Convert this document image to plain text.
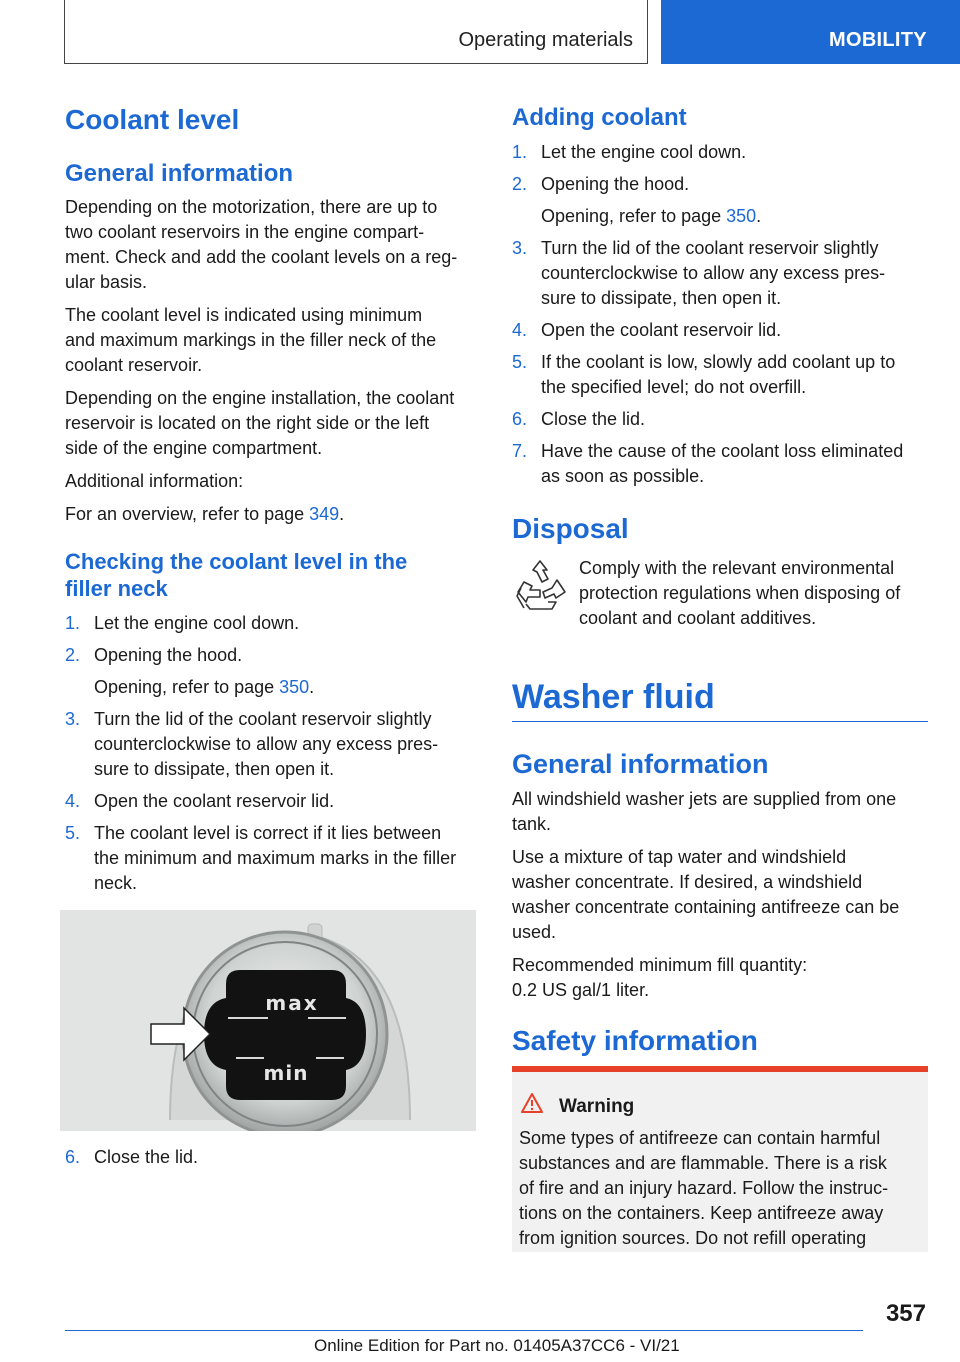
Operating materials	MOBILITY
Coolant level
General information

Depending on the motorization, there are up to
two coolant reservoirs in the engine compart-
ment. Check and add the coolant levels on a reg-
ular basis.

The coolant level is indicated using minimum
and maximum markings in the filler neck of the
coolant reservoir.

Depending on the engine installation, the coolant
reservoir is located on the right side or the left
side of the engine compartment.

Additional information:

For an overview, refer to page 349.

Checking the coolant level in the
filler neck
1. Let the engine cool down.
2. Opening the hood.
Opening, refer to page 350.
3. Turn the lid of the coolant reservoir slightly
counterclockwise to allow any excess pres-
sure to dissipate, then open it.
4. Open the coolant reservoir lid.
5. The coolant level is correct if it lies between
the minimum and maximum marks in the filler
neck.
max
min
6. Close the lid.
Adding coolant
1. Let the engine cool down.
2. Opening the hood.
Opening, refer to page 350.
3. Turn the lid of the coolant reservoir slightly
counterclockwise to allow any excess pres-
sure to dissipate, then open it.
4. Open the coolant reservoir lid.
5. If the coolant is low, slowly add coolant up to
the specified level; do not overfill.
6. Close the lid.
7. Have the cause of the coolant loss eliminated
as soon as possible.
Disposal

Comply with the relevant environmental
protection regulations when disposing of
coolant and coolant additives.

Washer fluid
General information

All windshield washer jets are supplied from one
tank.

Use a mixture of tap water and windshield
washer concentrate. If desired, a windshield
washer concentrate containing antifreeze can be
used.

Recommended minimum fill quantity:
0.2 US gal/1 liter.

Safety information
Warning

Some types of antifreeze can contain harmful
substances and are flammable. There is a risk
of fire and an injury hazard. Follow the instruc-
tions on the containers. Keep antifreeze away
from ignition sources. Do not refill operating

357
Online Edition for Part no. 01405A37CC6 - VI/21
